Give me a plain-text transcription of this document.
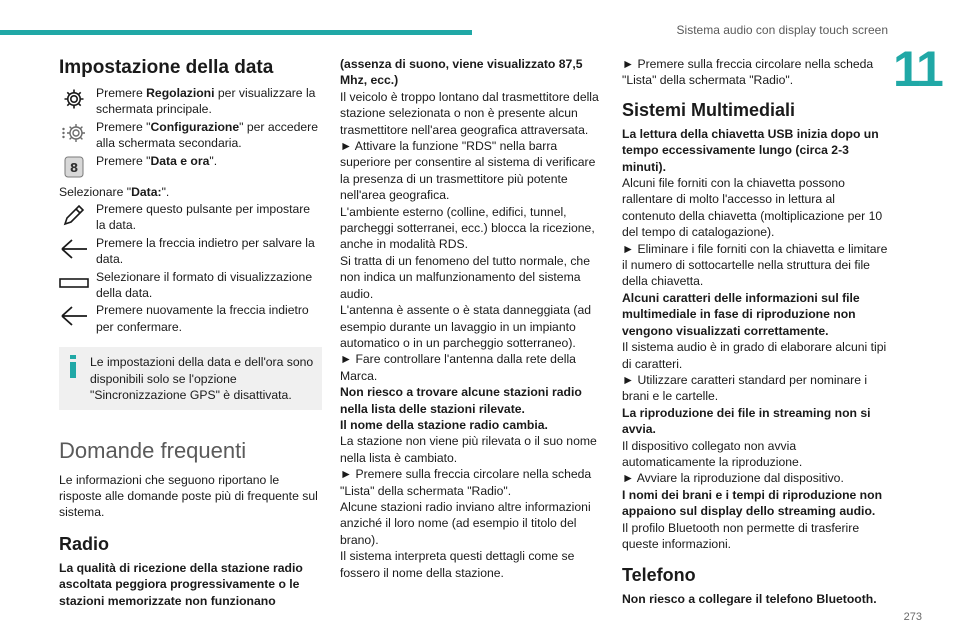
Sistema audio con display touch screen
11
273
Impostazione della data

Premere Regolazioni per visualizzare la schermata principale.

Premere "Configurazione" per accedere alla schermata secondaria.

8 Premere "Data e ora".

Selezionare "Data:".

Premere questo pulsante per impostare la data.

Premere la freccia indietro per salvare la data.

Selezionare il formato di visualizzazione della data.

Premere nuovamente la freccia indietro per confermare.

Le impostazioni della data e dell'ora sono disponibili solo se l'opzione "Sincronizzazione GPS" è disattivata.

Domande frequenti

Le informazioni che seguono riportano le risposte alle domande poste più di frequente sul sistema.

Radio

La qualità di ricezione della stazione radio ascoltata peggiora progressivamente o le stazioni memorizzate non funzionano

(assenza di suono, viene visualizzato 87,5 Mhz, ecc.)

Il veicolo è troppo lontano dal trasmettitore della stazione selezionata o non è presente alcun trasmettitore nell'area geografica attraversata.

► Attivare la funzione "RDS" nella barra superiore per consentire al sistema di verificare la presenza di un trasmettitore più potente nell'area geografica.

L'ambiente esterno (colline, edifici, tunnel, parcheggi sotterranei, ecc.) blocca la ricezione, anche in modalità RDS.

Si tratta di un fenomeno del tutto normale, che non indica un malfunzionamento del sistema audio.

L'antenna è assente o è stata danneggiata (ad esempio durante un lavaggio in un impianto automatico o in un parcheggio sotterraneo).

► Fare controllare l'antenna dalla rete della Marca.

Non riesco a trovare alcune stazioni radio nella lista delle stazioni rilevate.

Il nome della stazione radio cambia.

La stazione non viene più rilevata o il suo nome nella lista è cambiato.

► Premere sulla freccia circolare nella scheda "Lista" della schermata "Radio".

Alcune stazioni radio inviano altre informazioni anziché il loro nome (ad esempio il titolo del brano).

Il sistema interpreta questi dettagli come se fossero il nome della stazione.

► Premere sulla freccia circolare nella scheda "Lista" della schermata "Radio".

Sistemi Multimediali

La lettura della chiavetta USB inizia dopo un tempo eccessivamente lungo (circa 2-3 minuti).

Alcuni file forniti con la chiavetta possono rallentare di molto l'accesso in lettura al contenuto della chiavetta (moltiplicazione per 10 del tempo di catalogazione).

► Eliminare i file forniti con la chiavetta e limitare il numero di sottocartelle nella struttura dei file della chiavetta.

Alcuni caratteri delle informazioni sul file multimediale in fase di riproduzione non vengono visualizzati correttamente.

Il sistema audio è in grado di elaborare alcuni tipi di caratteri.

► Utilizzare caratteri standard per nominare i brani e le cartelle.

La riproduzione dei file in streaming non si avvia.

Il dispositivo collegato non avvia automaticamente la riproduzione.

► Avviare la riproduzione dal dispositivo.

I nomi dei brani e i tempi di riproduzione non appaiono sul display dello streaming audio.

Il profilo Bluetooth non permette di trasferire queste informazioni.

Telefono

Non riesco a collegare il telefono Bluetooth.
